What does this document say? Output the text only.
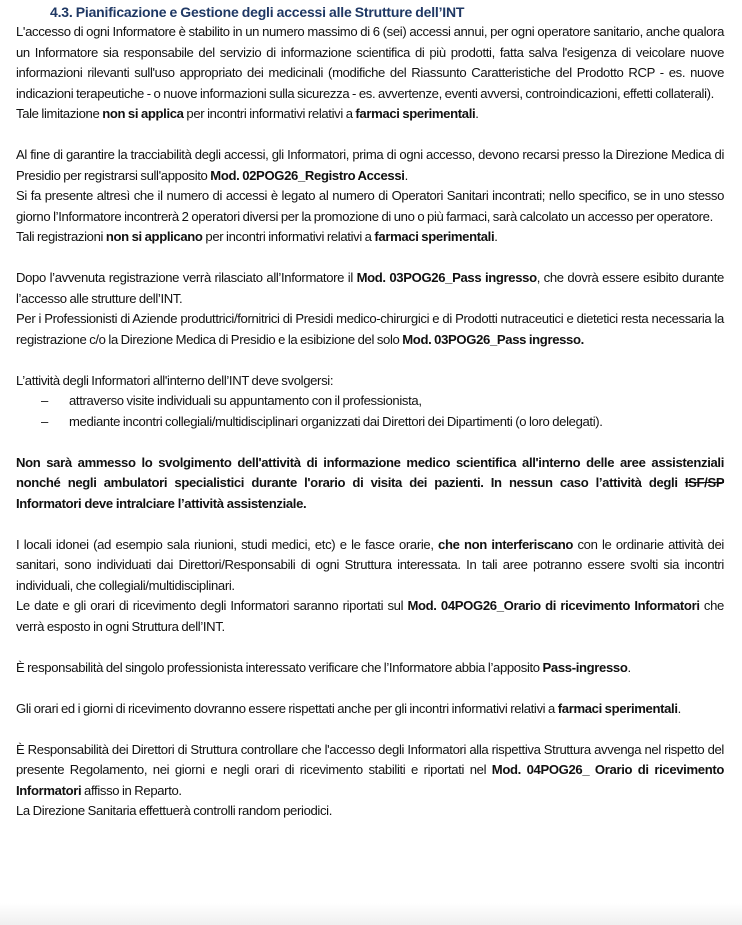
4.3. Pianificazione e Gestione degli accessi alle Strutture dell’INT

L'accesso di ogni Informatore è stabilito in un numero massimo di 6 (sei) accessi annui, per ogni operatore sanitario, anche qualora un Informatore sia responsabile del servizio di informazione scientifica di più prodotti, fatta salva l'esigenza di veicolare nuove informazioni rilevanti sull'uso appropriato dei medicinali (modifiche del Riassunto Caratteristiche del Prodotto RCP - es. nuove indicazioni terapeutiche - o nuove informazioni sulla sicurezza - es. avvertenze, eventi avversi, controindicazioni, effetti collaterali).

Tale limitazione non si applica per incontri informativi relativi a farmaci sperimentali.

Al fine di garantire la tracciabilità degli accessi, gli Informatori, prima di ogni accesso, devono recarsi presso la Direzione Medica di Presidio per registrarsi sull'apposito Mod. 02POG26_Registro Accessi.

Si fa presente altresì che il numero di accessi è legato al numero di Operatori Sanitari incontrati; nello specifico, se in uno stesso giorno l’Informatore incontrerà 2 operatori diversi per la promozione di uno o più farmaci, sarà calcolato un accesso per operatore.

Tali registrazioni non si applicano per incontri informativi relativi a farmaci sperimentali.

Dopo l’avvenuta registrazione verrà rilasciato all’Informatore il Mod. 03POG26_Pass ingresso, che dovrà essere esibito durante l’accesso alle strutture dell’INT.

Per i Professionisti di Aziende produttrici/fornitrici di Presidi medico-chirurgici e di Prodotti nutraceutici e dietetici resta necessaria la registrazione c/o la Direzione Medica di Presidio e la esibizione del solo Mod. 03POG26_Pass ingresso.

L’attività degli Informatori all'interno dell’INT deve svolgersi:

– attraverso visite individuali su appuntamento con il professionista,
– mediante incontri collegiali/multidisciplinari organizzati dai Direttori dei Dipartimenti (o loro delegati).

Non sarà ammesso lo svolgimento dell'attività di informazione medico scientifica all'interno delle aree assistenziali nonché negli ambulatori specialistici durante l'orario di visita dei pazienti. In nessun caso l’attività degli ISF/SP Informatori deve intralciare l’attività assistenziale.

I locali idonei (ad esempio sala riunioni, studi medici, etc) e le fasce orarie, che non interferiscano con le ordinarie attività dei sanitari, sono individuati dai Direttori/Responsabili di ogni Struttura interessata. In tali aree potranno essere svolti sia incontri individuali, che collegiali/multidisciplinari.

Le date e gli orari di ricevimento degli Informatori saranno riportati sul Mod. 04POG26_Orario di ricevimento Informatori che verrà esposto in ogni Struttura dell’INT.

È responsabilità del singolo professionista interessato verificare che l’Informatore abbia l’apposito Pass-ingresso.

Gli orari ed i giorni di ricevimento dovranno essere rispettati anche per gli incontri informativi relativi a farmaci sperimentali.

È Responsabilità dei Direttori di Struttura controllare che l'accesso degli Informatori alla rispettiva Struttura avvenga nel rispetto del presente Regolamento, nei giorni e negli orari di ricevimento stabiliti e riportati nel Mod. 04POG26_ Orario di ricevimento Informatori affisso in Reparto.

La Direzione Sanitaria effettuerà controlli random periodici.
